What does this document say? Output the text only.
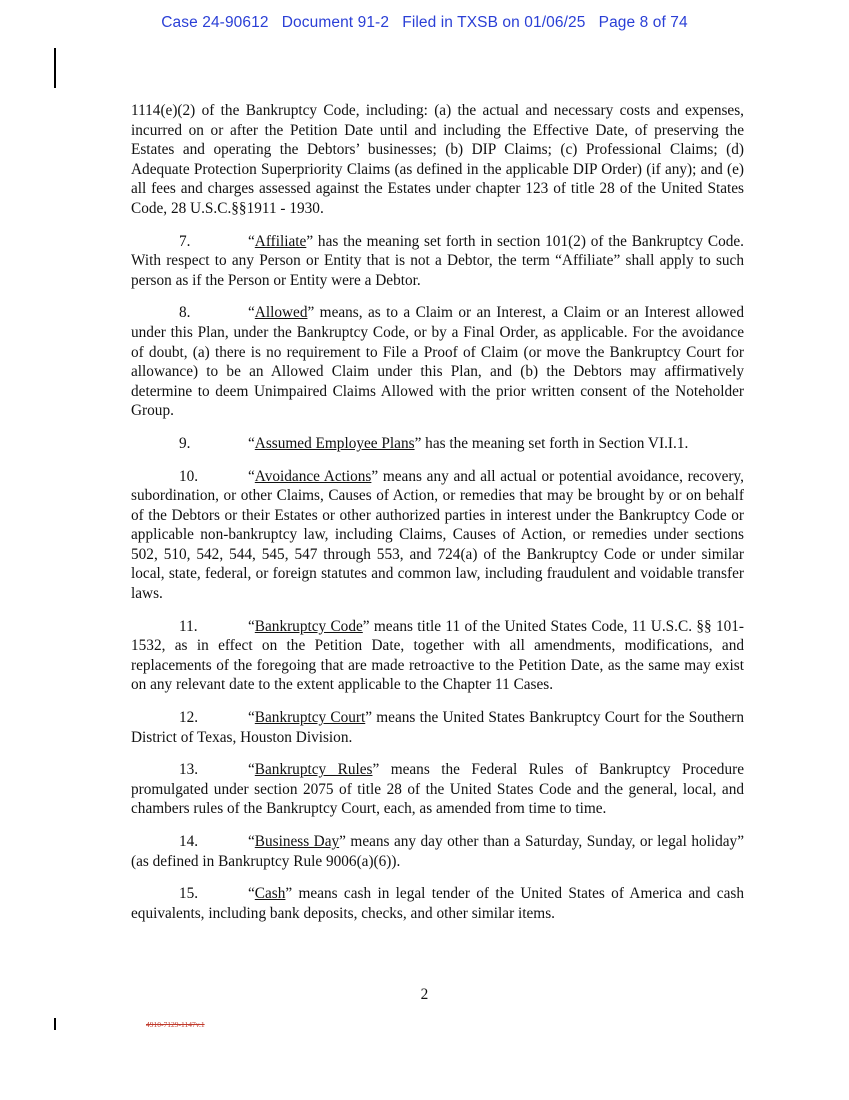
Case 24-90612   Document 91-2   Filed in TXSB on 01/06/25   Page 8 of 74

1114(e)(2) of the Bankruptcy Code, including: (a) the actual and necessary costs and expenses, incurred on or after the Petition Date until and including the Effective Date, of preserving the Estates and operating the Debtors’ businesses; (b) DIP Claims; (c) Professional Claims; (d) Adequate Protection Superpriority Claims (as defined in the applicable DIP Order) (if any); and (e) all fees and charges assessed against the Estates under chapter 123 of title 28 of the United States Code, 28 U.S.C.§§1911 - 1930.

7.	“Affiliate” has the meaning set forth in section 101(2) of the Bankruptcy Code. With respect to any Person or Entity that is not a Debtor, the term “Affiliate” shall apply to such person as if the Person or Entity were a Debtor.

8.	“Allowed” means, as to a Claim or an Interest, a Claim or an Interest allowed under this Plan, under the Bankruptcy Code, or by a Final Order, as applicable. For the avoidance of doubt, (a) there is no requirement to File a Proof of Claim (or move the Bankruptcy Court for allowance) to be an Allowed Claim under this Plan, and (b) the Debtors may affirmatively determine to deem Unimpaired Claims Allowed with the prior written consent of the Noteholder Group.

9.	“Assumed Employee Plans” has the meaning set forth in Section VI.I.1.

10.	“Avoidance Actions” means any and all actual or potential avoidance, recovery, subordination, or other Claims, Causes of Action, or remedies that may be brought by or on behalf of the Debtors or their Estates or other authorized parties in interest under the Bankruptcy Code or applicable non-bankruptcy law, including Claims, Causes of Action, or remedies under sections 502, 510, 542, 544, 545, 547 through 553, and 724(a) of the Bankruptcy Code or under similar local, state, federal, or foreign statutes and common law, including fraudulent and voidable transfer laws.

11.	“Bankruptcy Code” means title 11 of the United States Code, 11 U.S.C. §§ 101-1532, as in effect on the Petition Date, together with all amendments, modifications, and replacements of the foregoing that are made retroactive to the Petition Date, as the same may exist on any relevant date to the extent applicable to the Chapter 11 Cases.

12.	“Bankruptcy Court” means the United States Bankruptcy Court for the Southern District of Texas, Houston Division.

13.	“Bankruptcy Rules” means the Federal Rules of Bankruptcy Procedure promulgated under section 2075 of title 28 of the United States Code and the general, local, and chambers rules of the Bankruptcy Court, each, as amended from time to time.

14.	“Business Day” means any day other than a Saturday, Sunday, or legal holiday” (as defined in Bankruptcy Rule 9006(a)(6)).

15.	“Cash” means cash in legal tender of the United States of America and cash equivalents, including bank deposits, checks, and other similar items.

2
4910-7129-1147v.1
